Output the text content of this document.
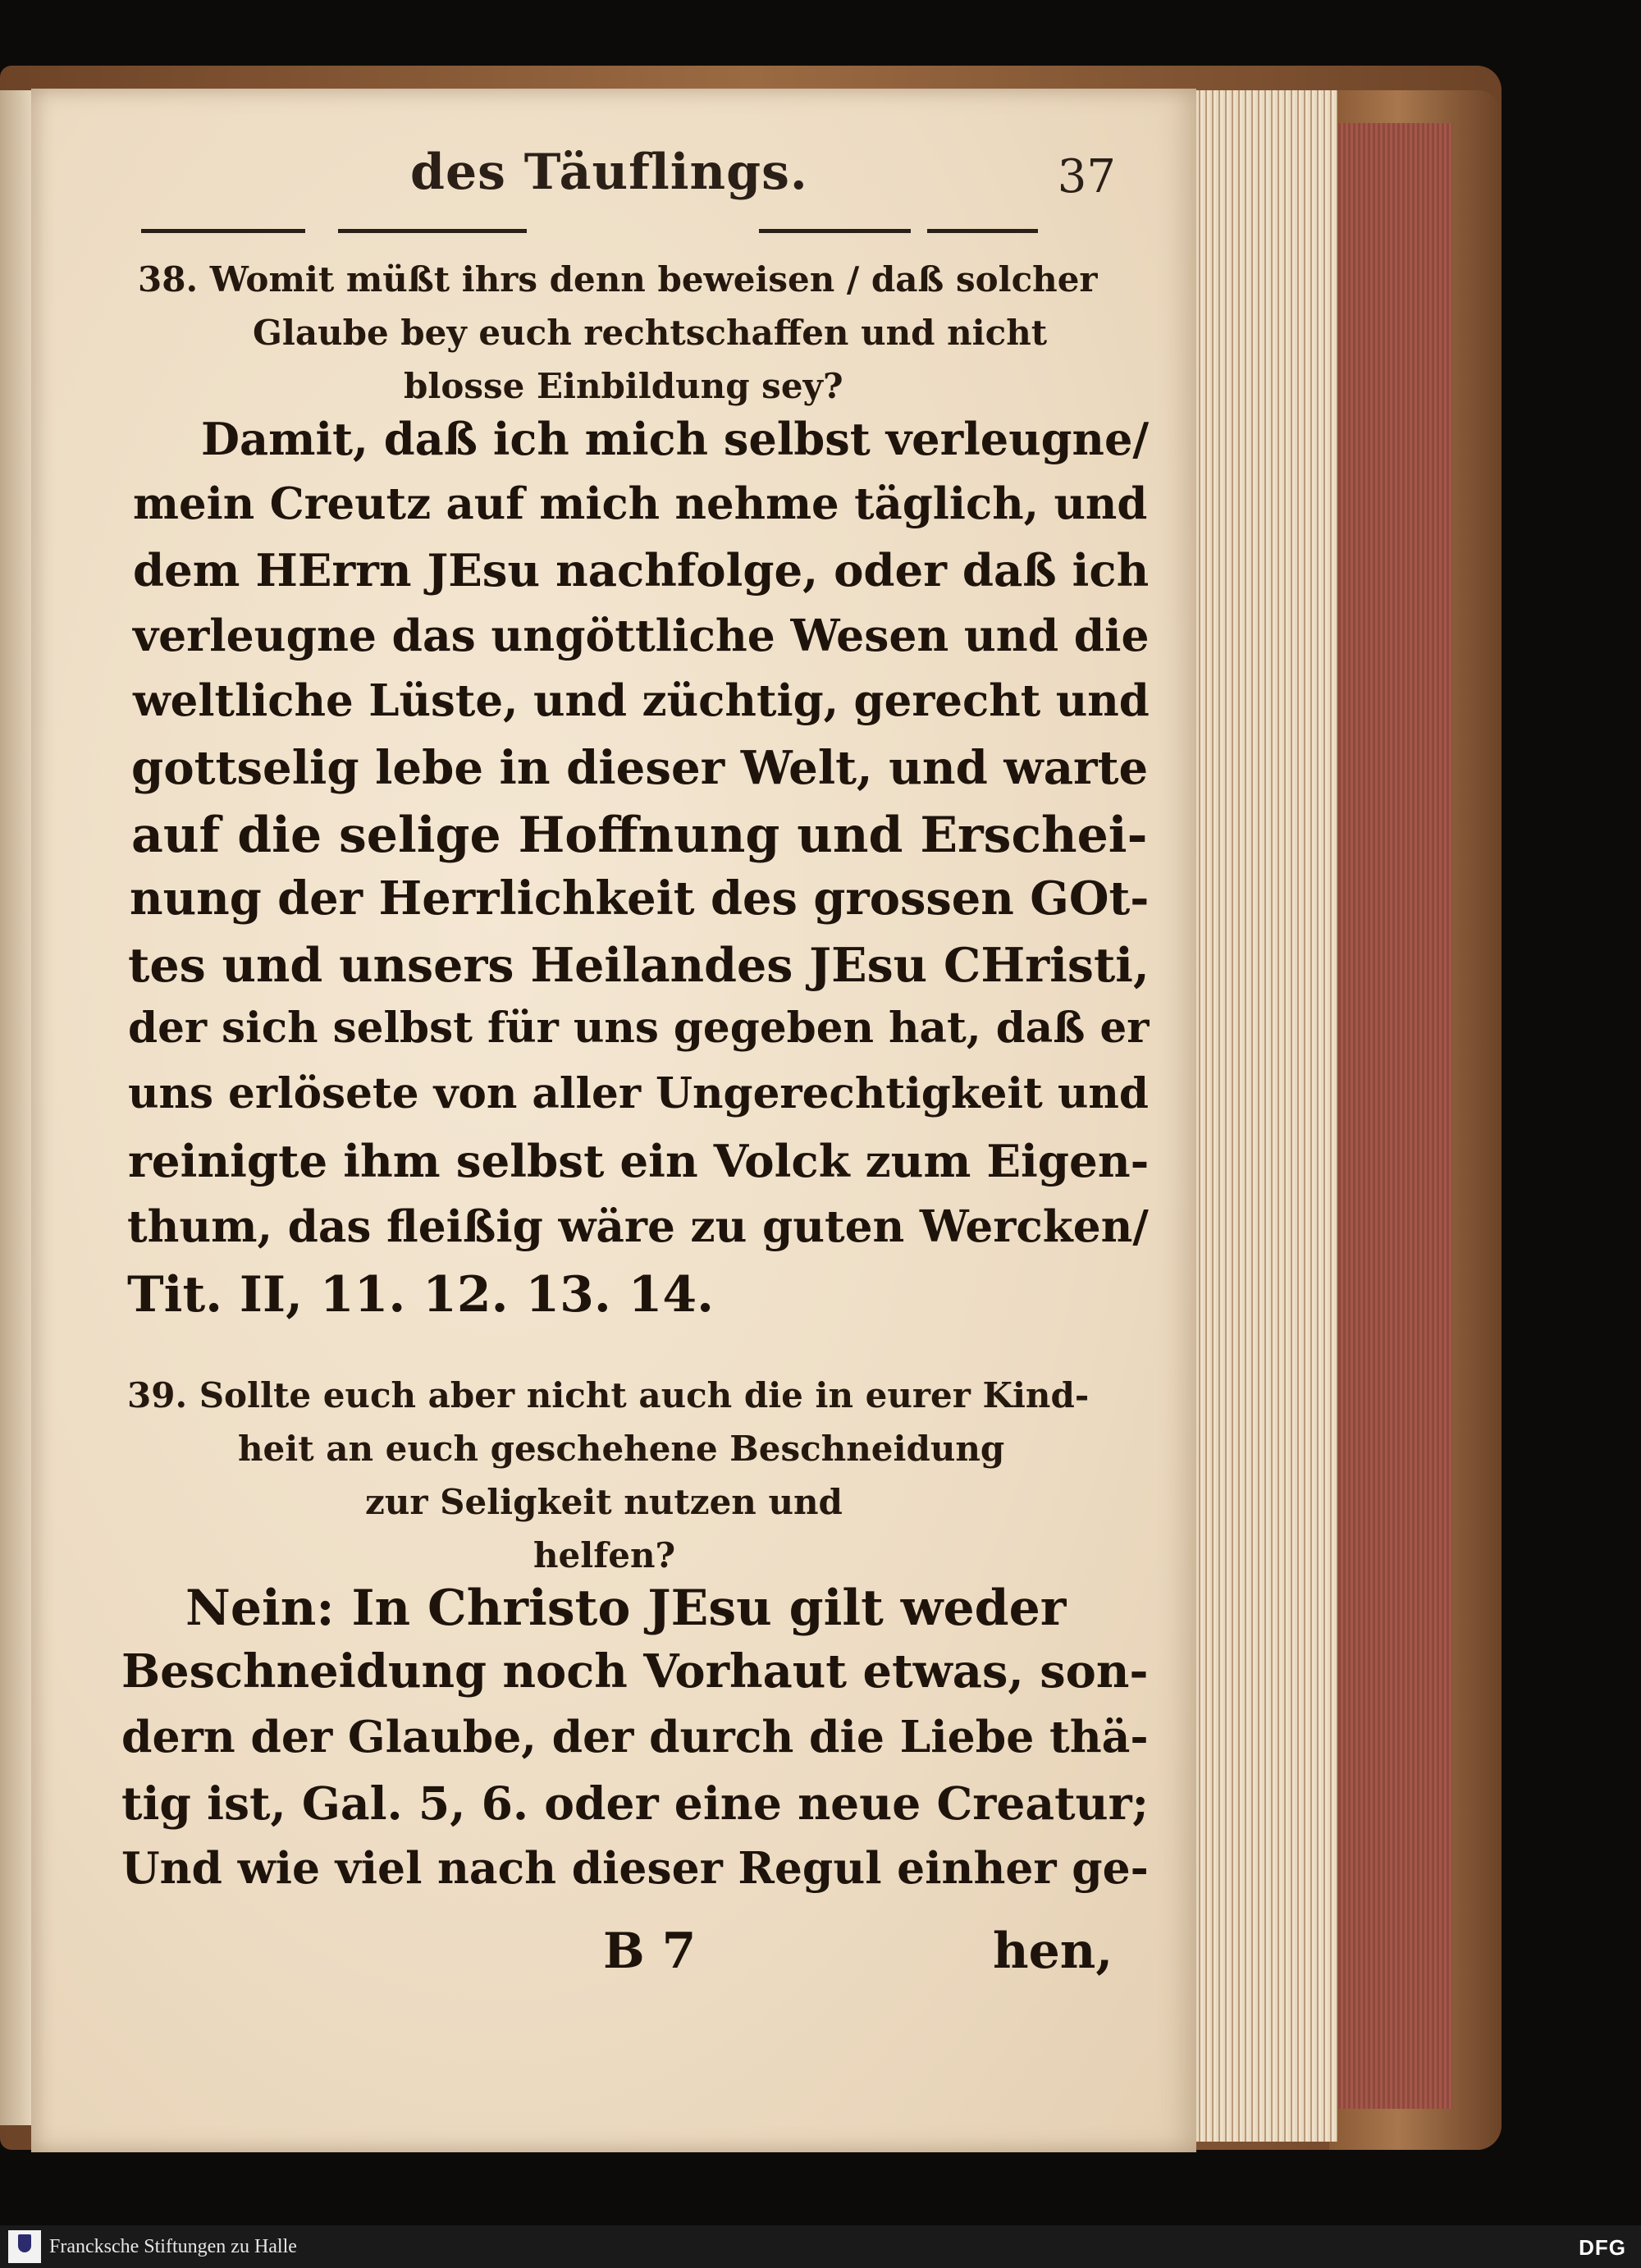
des Täuflings.	37
38. Womit müßt ihrs denn beweisen / daß solcher
Glaube bey euch rechtschaffen und nicht
blosse Einbildung sey?
Damit, daß ich mich selbst verleugne/
mein Creutz auf mich nehme täglich, und
dem HErrn JEsu nachfolge, oder daß ich
verleugne das ungöttliche Wesen und die
weltliche Lüste, und züchtig, gerecht und
gottselig lebe in dieser Welt, und warte
auf die selige Hoffnung und Erschei-
nung der Herrlichkeit des grossen GOt-
tes und unsers Heilandes JEsu CHristi,
der sich selbst für uns gegeben hat, daß er
uns erlösete von aller Ungerechtigkeit und
reinigte ihm selbst ein Volck zum Eigen-
thum, das fleißig wäre zu guten Wercken/
Tit. II, 11. 12. 13. 14.
39. Sollte euch aber nicht auch die in eurer Kind-
heit an euch geschehene Beschneidung
zur Seligkeit nutzen und
helfen?
Nein: In Christo JEsu gilt weder
Beschneidung noch Vorhaut etwas, son-
dern der Glaube, der durch die Liebe thä-
tig ist, Gal. 5, 6. oder eine neue Creatur;
Und wie viel nach dieser Regul einher ge-
B 7	hen,
Francksche Stiftungen zu Halle	DFG
